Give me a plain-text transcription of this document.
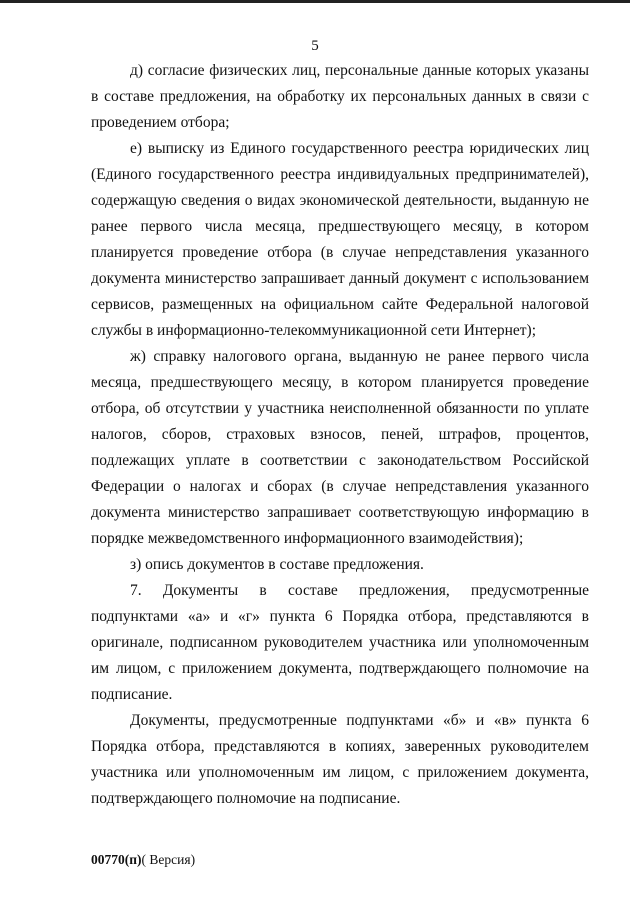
5

д) согласие физических лиц, персональные данные которых указаны в составе предложения, на обработку их персональных данных в связи с проведением отбора;

е) выписку из Единого государственного реестра юридических лиц (Единого государственного реестра индивидуальных предпринимателей), содержащую сведения о видах экономической деятельности, выданную не ранее первого числа месяца, предшествующего месяцу, в котором планируется проведение отбора (в случае непредставления указанного документа министерство запрашивает данный документ с использованием сервисов, размещенных на официальном сайте Федеральной налоговой службы в информационно-телекоммуникационной сети Интернет);

ж) справку налогового органа, выданную не ранее первого числа месяца, предшествующего месяцу, в котором планируется проведение отбора, об отсутствии у участника неисполненной обязанности по уплате налогов, сборов, страховых взносов, пеней, штрафов, процентов, подлежащих уплате в соответствии с законодательством Российской Федерации о налогах и сборах (в случае непредставления указанного документа министерство запрашивает соответствующую информацию в порядке межведомственного информационного взаимодействия);

з) опись документов в составе предложения.

7. Документы в составе предложения, предусмотренные подпунктами «а» и «г» пункта 6 Порядка отбора, представляются в оригинале, подписанном руководителем участника или уполномоченным им лицом, с приложением документа, подтверждающего полномочие на подписание.

Документы, предусмотренные подпунктами «б» и «в» пункта 6 Порядка отбора, представляются в копиях, заверенных руководителем участника или уполномоченным им лицом, с приложением документа, подтверждающего полномочие на подписание.

00770(п)( Версия)
